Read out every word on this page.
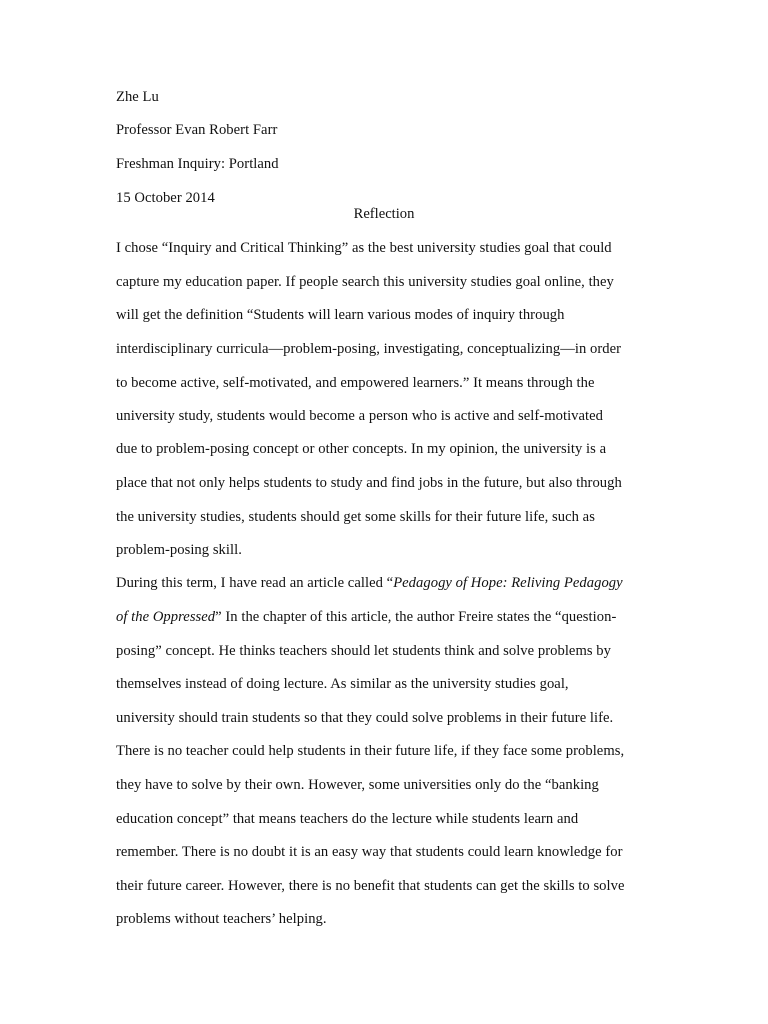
Zhe Lu
Professor Evan Robert Farr
Freshman Inquiry: Portland
15 October 2014
Reflection
I chose “Inquiry and Critical Thinking” as the best university studies goal that could
capture my education paper. If people search this university studies goal online, they
will get the definition “Students will learn various modes of inquiry through
interdisciplinary curricula—problem-posing, investigating, conceptualizing—in order
to become active, self-motivated, and empowered learners.” It means through the
university study, students would become a person who is active and self-motivated
due to problem-posing concept or other concepts. In my opinion, the university is a
place that not only helps students to study and find jobs in the future, but also through
the university studies, students should get some skills for their future life, such as
problem-posing skill.
During this term, I have read an article called “Pedagogy of Hope: Reliving Pedagogy
of the Oppressed” In the chapter of this article, the author Freire states the “question-
posing” concept. He thinks teachers should let students think and solve problems by
themselves instead of doing lecture. As similar as the university studies goal,
university should train students so that they could solve problems in their future life.
There is no teacher could help students in their future life, if they face some problems,
they have to solve by their own. However, some universities only do the “banking
education concept” that means teachers do the lecture while students learn and
remember. There is no doubt it is an easy way that students could learn knowledge for
their future career. However, there is no benefit that students can get the skills to solve
problems without teachers’ helping.
